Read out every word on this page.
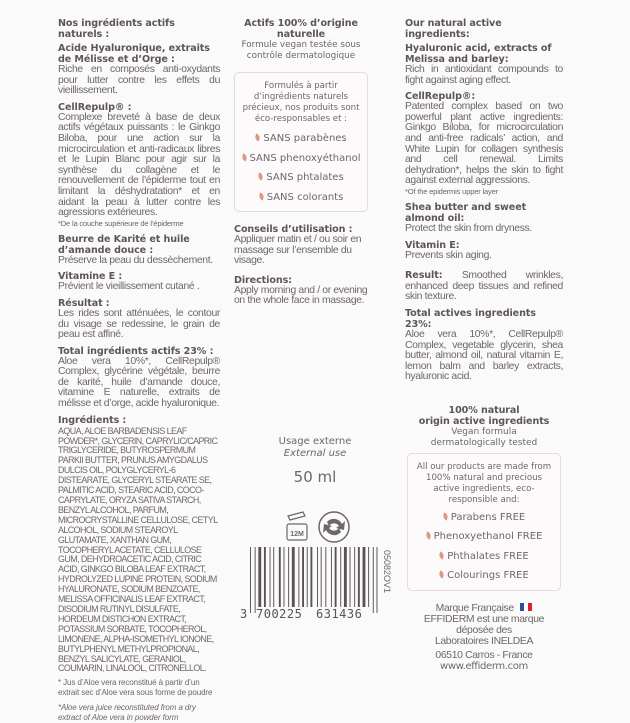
Nos ingrédients actifs naturels :
Acide Hyaluronique, extraits de Mélisse et d’Orge :
Riche en composés anti-oxydants pour lutter contre les effets du vieillissement.
CellRepulp® :
Complexe breveté à base de deux actifs végétaux puissants : le Ginkgo Biloba, pour une action sur la microcirculation et anti-radicaux libres et le Lupin Blanc pour agir sur la synthèse du collagène et le renouvellement de l’épiderme tout en limitant la déshydratation* et en aidant la peau à lutter contre les agressions extérieures.
*De la couche supérieure de l’épiderme
Beurre de Karité et huile d’amande douce :
Préserve la peau du dessèchement.
Vitamine E :
Prévient le vieillissement cutané .
Résultat :
Les rides sont atténuées, le contour du visage se redessine, le grain de peau est affiné.
Total ingrédients actifs 23% :
Aloe vera 10%*, CellRepulp® Complex, glycérine végétale, beurre de karité, huile d’amande douce, vitamine E naturelle, extraits de mélisse et d’orge, acide hyaluronique.
Ingrédients :
AQUA, ALOE BARBADENSIS LEAF POWDER*, GLYCERIN, CAPRYLIC/CAPRIC TRIGLYCERIDE, BUTYROSPERMUM PARKII BUTTER, PRUNUS AMYGDALUS DULCIS OIL, POLYGLYCERYL-6 DISTEARATE, GLYCERYL STEARATE SE, PALMITIC ACID, STEARIC ACID, COCO-CAPRYLATE, ORYZA SATIVA STARCH, BENZYL ALCOHOL, PARFUM, MICROCRYSTALLINE CELLULOSE, CETYL ALCOHOL, SODIUM STEAROYL GLUTAMATE, XANTHAN GUM, TOCOPHERYL ACETATE, CELLULOSE GUM, DEHYDROACETIC ACID, CITRIC ACID, GINKGO BILOBA LEAF EXTRACT, HYDROLYZED LUPINE PROTEIN, SODIUM HYALURONATE, SODIUM BENZOATE, MELISSA OFFICINALIS LEAF EXTRACT, DISODIUM RUTINYL DISULFATE, HORDEUM DISTICHON EXTRACT, POTASSIUM SORBATE, TOCOPHEROL, LIMONENE, ALPHA-ISOMETHYL IONONE, BUTYLPHENYL METHYLPROPIONAL, BENZYL SALICYLATE, GERANIOL, COUMARIN, LINALOOL, CITRONELLOL.
* Jus d’Aloe vera reconstitué à partir d’un extrait sec d’Aloe vera sous forme de poudre
*Aloe vera juice reconstituted from a dry extract of Aloe vera in powder form
Actifs 100% d’origine naturelle
Formule vegan testée sous contrôle dermatologique
Formulés à partir d’ingrédients naturels précieux, nos produits sont éco-responsables et :
SANS parabènes
SANS phenoxyéthanol
SANS phtalates
SANS colorants
Conseils d’utilisation :
Appliquer matin et / ou soir en massage sur l’ensemble du visage.
Directions:
Apply morning and / or evening on the whole face in massage.
Usage externe
External use
50 ml
12M
3 700225 631436
05082OV1
Our natural active ingredients:
Hyaluronic acid, extracts of Melissa and barley:
Rich in antioxidant compounds to fight against aging effect.
CellRepulp®:
Patented complex based on two powerful plant active ingredients: Ginkgo Biloba, for microcirculation and anti-free radicals’ action, and White Lupin for collagen synthesis and cell renewal. Limits dehydration*, helps the skin to fight against external aggressions.
*Of the epidermis upper layer
Shea butter and sweet almond oil:
Protect the skin from dryness.
Vitamin E:
Prevents skin aging.
Result: Smoothed wrinkles, enhanced deep tissues and refined skin texture.
Total actives ingredients 23%:
Aloe vera 10%*, CellRepulp® Complex, vegetable glycerin, shea butter, almond oil, natural vitamin E, lemon balm and barley extracts, hyaluronic acid.
100% natural
origin active ingredients
Vegan formula
dermatologically tested
All our products are made from 100% natural and precious active ingredients, eco-responsible and:
Parabens FREE
Phenoxyethanol FREE
Phthalates FREE
Colourings FREE
Marque Française
EFFIDERM est une marque déposée des
Laboratoires INELDEA
06510 Carros - France
www.effiderm.com
